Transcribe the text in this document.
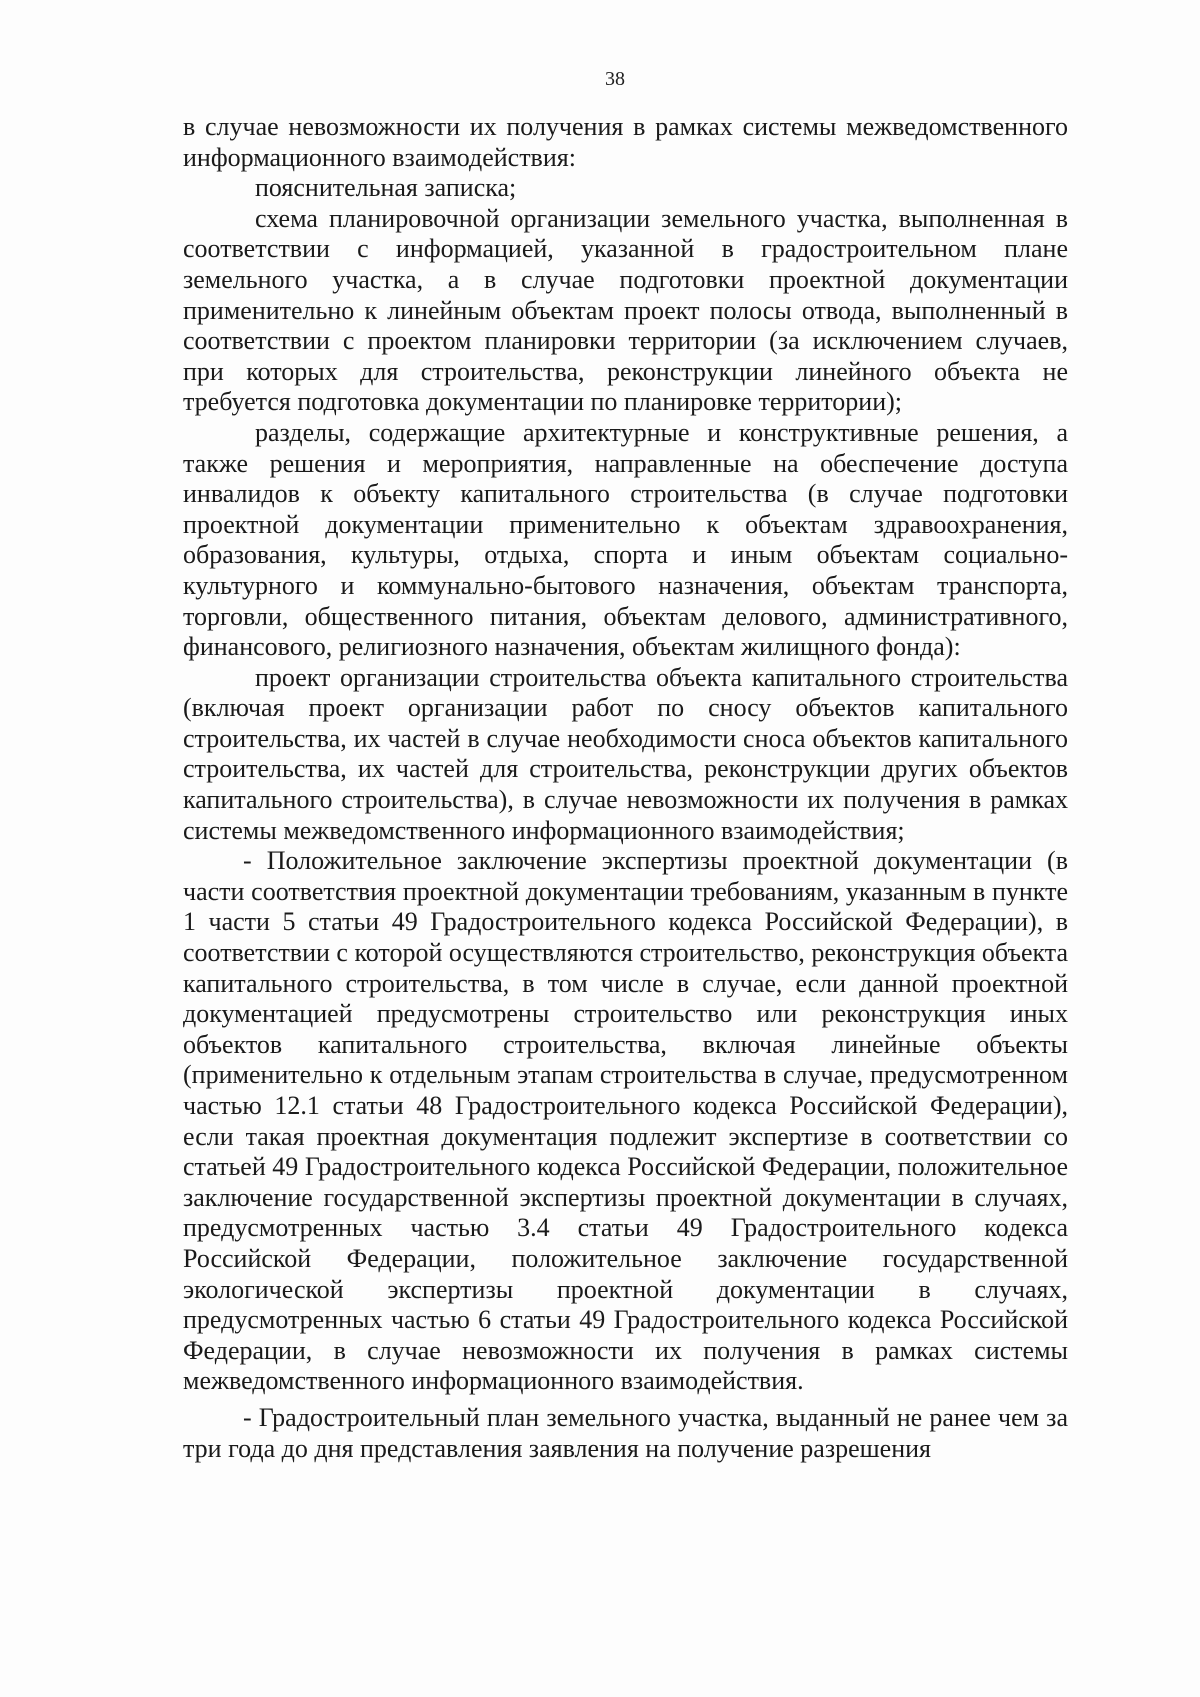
38

в случае невозможности их получения в рамках системы межведомственного информационного взаимодействия:

пояснительная записка;

схема планировочной организации земельного участка, выполненная в соответствии с информацией, указанной в градостроительном плане земельного участка, а в случае подготовки проектной документации применительно к линейным объектам проект полосы отвода, выполненный в соответствии с проектом планировки территории (за исключением случаев, при которых для строительства, реконструкции линейного объекта не требуется подготовка документации по планировке территории);

разделы, содержащие архитектурные и конструктивные решения, а также решения и мероприятия, направленные на обеспечение доступа инвалидов к объекту капитального строительства (в случае подготовки проектной документации применительно к объектам здравоохранения, образования, культуры, отдыха, спорта и иным объектам социально-культурного и коммунально-бытового назначения, объектам транспорта, торговли, общественного питания, объектам делового, административного, финансового, религиозного назначения, объектам жилищного фонда):

проект организации строительства объекта капитального строительства (включая проект организации работ по сносу объектов капитального строительства, их частей в случае необходимости сноса объектов капитального строительства, их частей для строительства, реконструкции других объектов капитального строительства), в случае невозможности их получения в рамках системы межведомственного информационного взаимодействия;

- Положительное заключение экспертизы проектной документации (в части соответствия проектной документации требованиям, указанным в пункте 1 части 5 статьи 49 Градостроительного кодекса Российской Федерации), в соответствии с которой осуществляются строительство, реконструкция объекта капитального строительства, в том числе в случае, если данной проектной документацией предусмотрены строительство или реконструкция иных объектов капитального строительства, включая линейные объекты (применительно к отдельным этапам строительства в случае, предусмотренном частью 12.1 статьи 48 Градостроительного кодекса Российской Федерации), если такая проектная документация подлежит экспертизе в соответствии со статьей 49 Градостроительного кодекса Российской Федерации, положительное заключение государственной экспертизы проектной документации в случаях, предусмотренных частью 3.4 статьи 49 Градостроительного кодекса Российской Федерации, положительное заключение государственной экологической экспертизы проектной документации в случаях, предусмотренных частью 6 статьи 49 Градостроительного кодекса Российской Федерации, в случае невозможности их получения в рамках системы межведомственного информационного взаимодействия.

- Градостроительный план земельного участка, выданный не ранее чем за три года до дня представления заявления на получение разрешения
